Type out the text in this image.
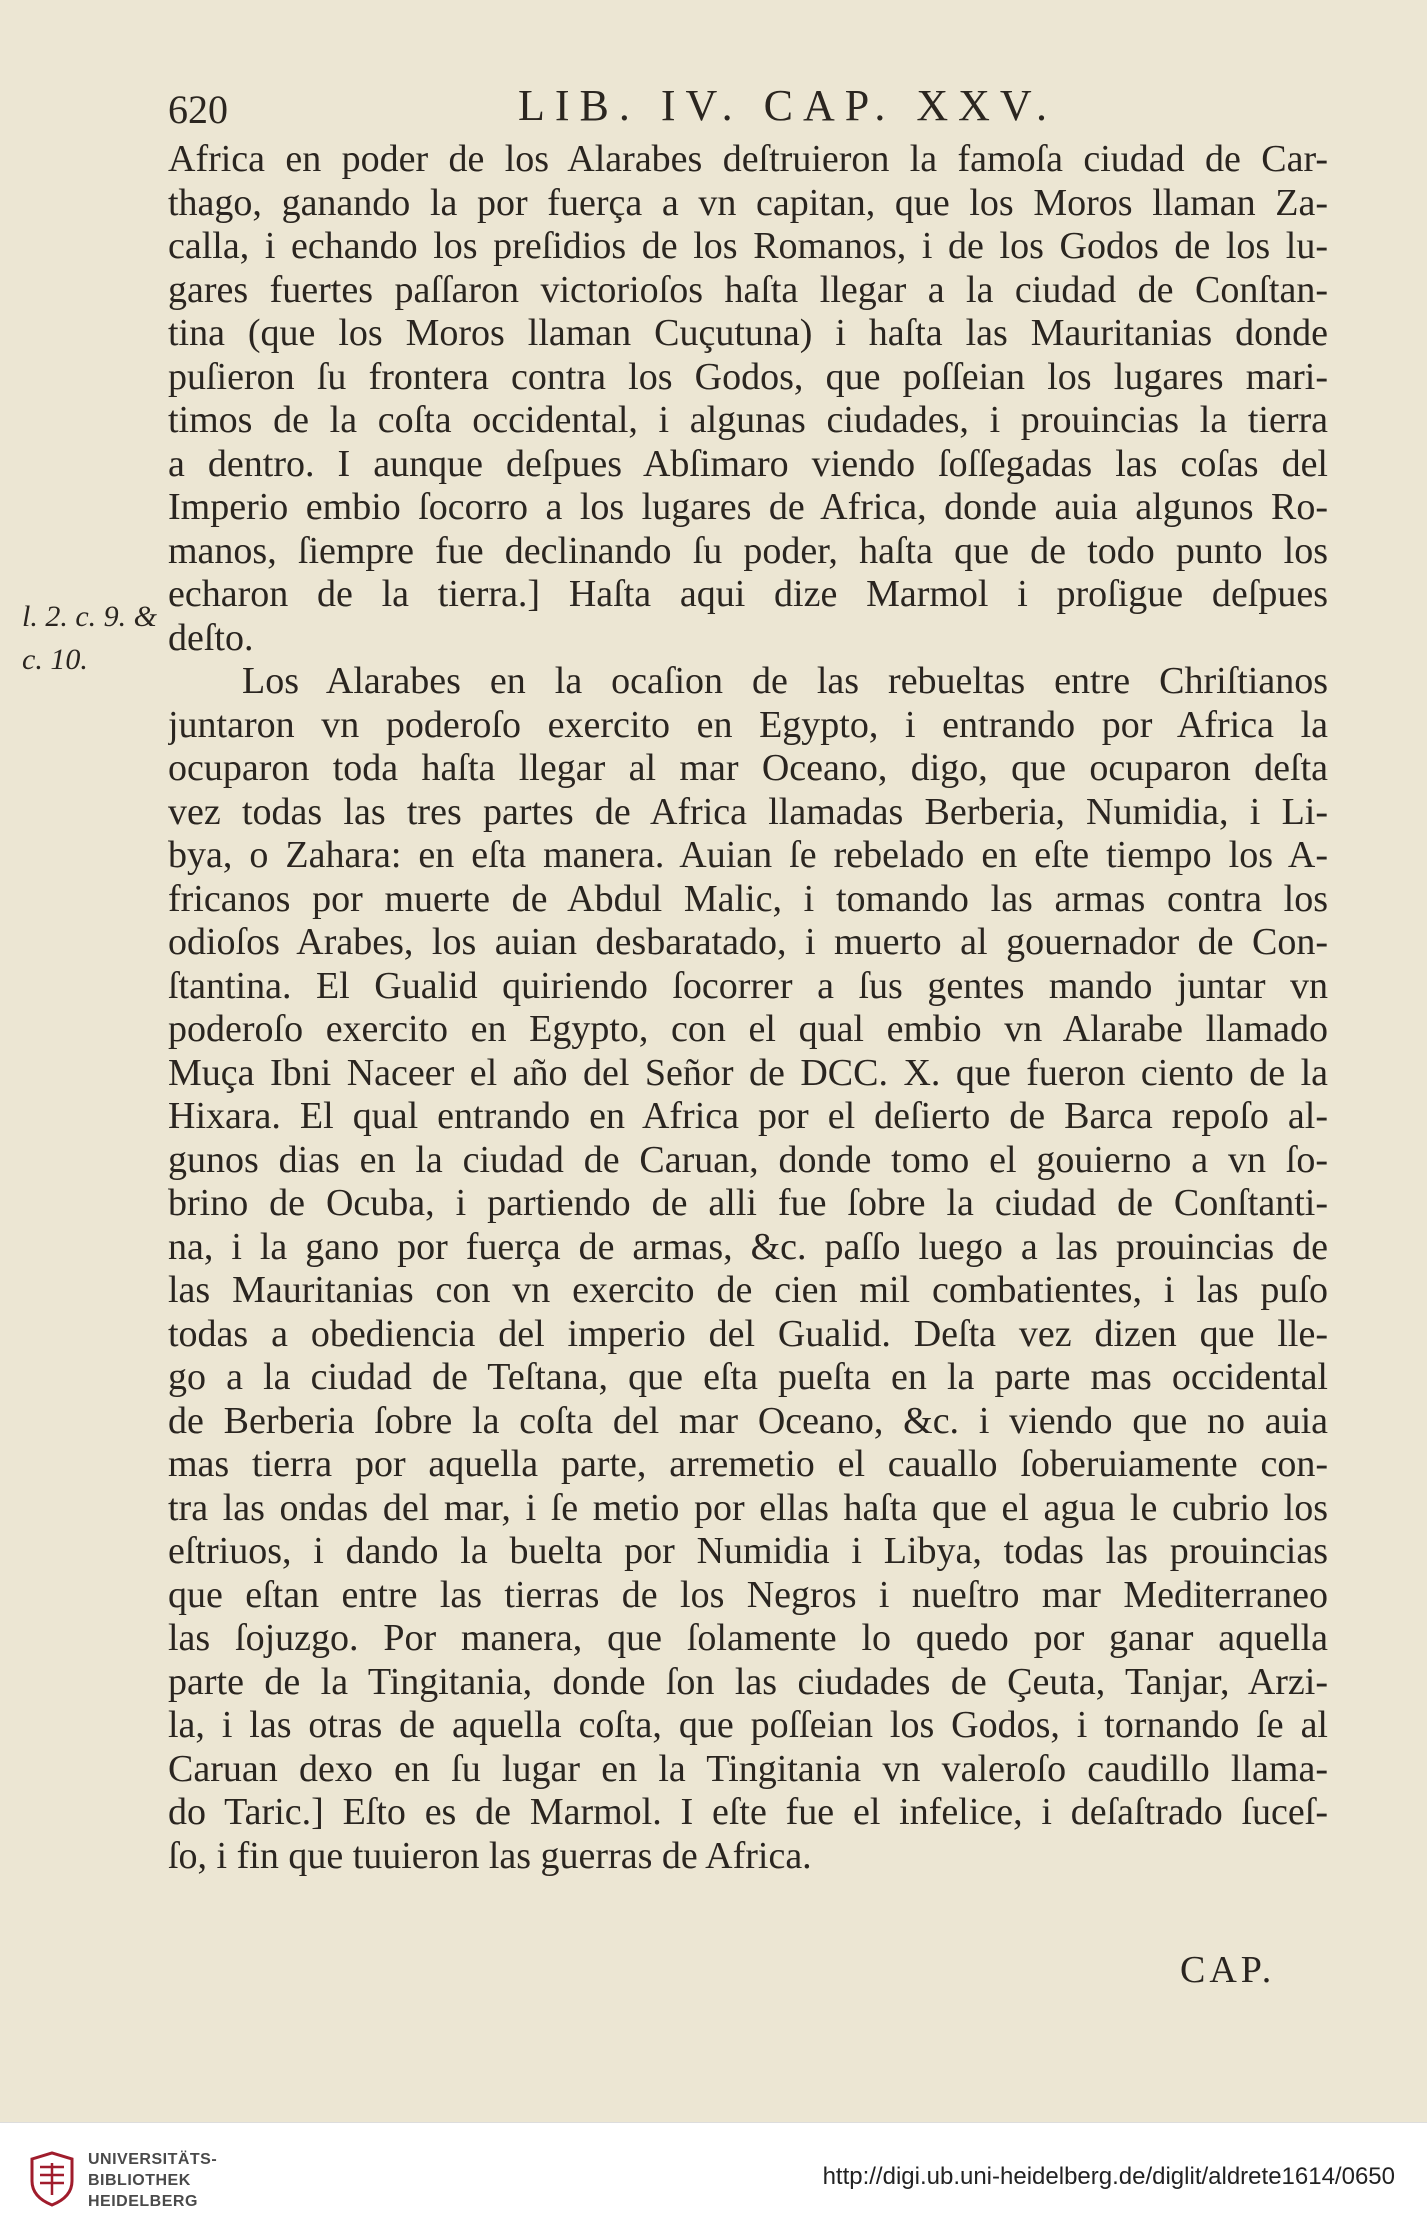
620	LIB. IV. CAP. XXV.
l. 2. c. 9. &
c. 10.
Africa en poder de los Alarabes deſtruieron la famoſa ciudad de Car-
thago, ganando la por fuerça a vn capitan, que los Moros llaman Za-
calla, i echando los preſidios de los Romanos, i de los Godos de los lu-
gares fuertes paſſaron victorioſos haſta llegar a la ciudad de Conſtan-
tina (que los Moros llaman Cuçutuna) i haſta las Mauritanias donde
puſieron ſu frontera contra los Godos, que poſſeian los lugares mari-
timos de la coſta occidental, i algunas ciudades, i prouincias la tierra
a dentro. I aunque deſpues Abſimaro viendo ſoſſegadas las coſas del
Imperio embio ſocorro a los lugares de Africa, donde auia algunos Ro-
manos, ſiempre fue declinando ſu poder, haſta que de todo punto los
echaron de la tierra.] Haſta aqui dize Marmol i proſigue deſpues
deſto.
Los Alarabes en la ocaſion de las rebueltas entre Chriſtianos
juntaron vn poderoſo exercito en Egypto, i entrando por Africa la
ocuparon toda haſta llegar al mar Oceano, digo, que ocuparon deſta
vez todas las tres partes de Africa llamadas Berberia, Numidia, i Li-
bya, o Zahara: en eſta manera. Auian ſe rebelado en eſte tiempo los A-
fricanos por muerte de Abdul Malic, i tomando las armas contra los
odioſos Arabes, los auian desbaratado, i muerto al gouernador de Con-
ſtantina. El Gualid quiriendo ſocorrer a ſus gentes mando juntar vn
poderoſo exercito en Egypto, con el qual embio vn Alarabe llamado
Muça Ibni Naceer el año del Señor de DCC. X. que fueron ciento de la
Hixara. El qual entrando en Africa por el deſierto de Barca repoſo al-
gunos dias en la ciudad de Caruan, donde tomo el gouierno a vn ſo-
brino de Ocuba, i partiendo de alli fue ſobre la ciudad de Conſtanti-
na, i la gano por fuerça de armas, &c. paſſo luego a las prouincias de
las Mauritanias con vn exercito de cien mil combatientes, i las puſo
todas a obediencia del imperio del Gualid. Deſta vez dizen que lle-
go a la ciudad de Teſtana, que eſta pueſta en la parte mas occidental
de Berberia ſobre la coſta del mar Oceano, &c. i viendo que no auia
mas tierra por aquella parte, arremetio el cauallo ſoberuiamente con-
tra las ondas del mar, i ſe metio por ellas haſta que el agua le cubrio los
eſtriuos, i dando la buelta por Numidia i Libya, todas las prouincias
que eſtan entre las tierras de los Negros i nueſtro mar Mediterraneo
las ſojuzgo. Por manera, que ſolamente lo quedo por ganar aquella
parte de la Tingitania, donde ſon las ciudades de Çeuta, Tanjar, Arzi-
la, i las otras de aquella coſta, que poſſeian los Godos, i tornando ſe al
Caruan dexo en ſu lugar en la Tingitania vn valeroſo caudillo llama-
do Taric.] Eſto es de Marmol. I eſte fue el infelice, i deſaſtrado ſuceſ-
ſo, i fin que tuuieron las guerras de Africa.
CAP.
UNIVERSITÄTS-
BIBLIOTHEK
HEIDELBERG
http://digi.ub.uni-heidelberg.de/diglit/aldrete1614/0650
